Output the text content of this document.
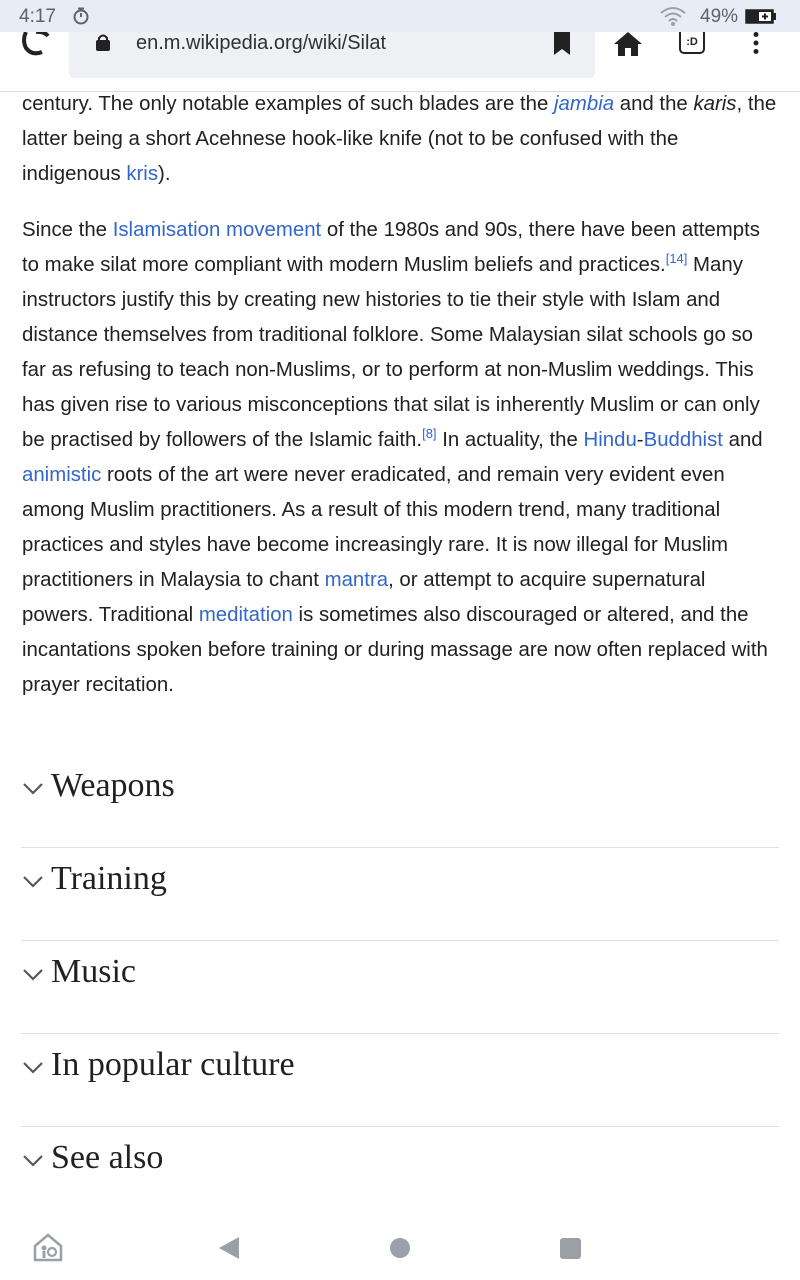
4:17	49%
en.m.wikipedia.org/wiki/Silat	:D

century. The only notable examples of such blades are the jambia and the karis, the latter being a short Acehnese hook-like knife (not to be confused with the indigenous kris).

Since the Islamisation movement of the 1980s and 90s, there have been attempts to make silat more compliant with modern Muslim beliefs and practices.[14] Many instructors justify this by creating new histories to tie their style with Islam and distance themselves from traditional folklore. Some Malaysian silat schools go so far as refusing to teach non-Muslims, or to perform at non-Muslim weddings. This has given rise to various misconceptions that silat is inherently Muslim or can only be practised by followers of the Islamic faith.[8] In actuality, the Hindu-Buddhist and animistic roots of the art were never eradicated, and remain very evident even among Muslim practitioners. As a result of this modern trend, many traditional practices and styles have become increasingly rare. It is now illegal for Muslim practitioners in Malaysia to chant mantra, or attempt to acquire supernatural powers. Traditional meditation is sometimes also discouraged or altered, and the incantations spoken before training or during massage are now often replaced with prayer recitation.

Weapons
Training
Music
In popular culture
See also
